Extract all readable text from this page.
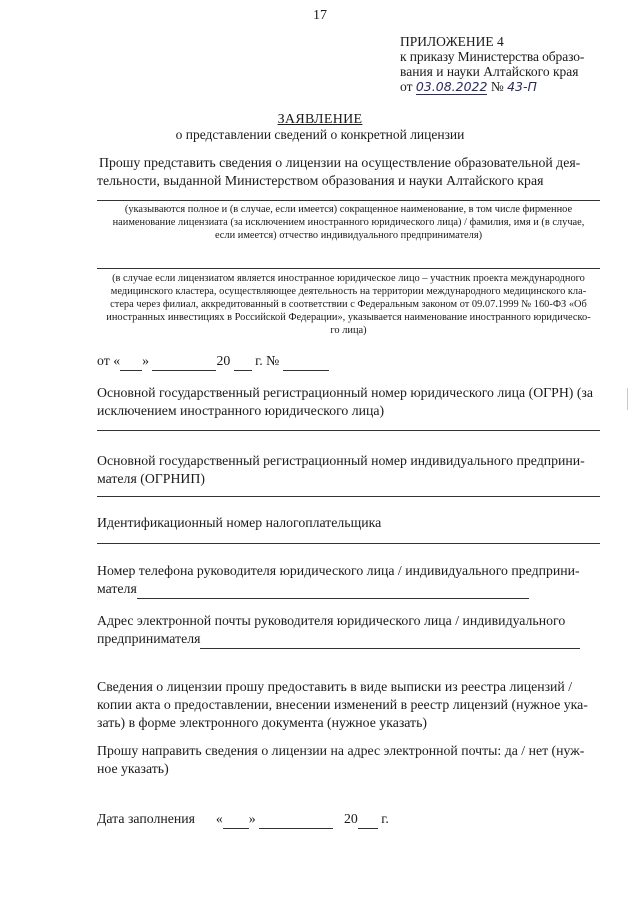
17
ПРИЛОЖЕНИЕ 4
к приказу Министерства образо-
вания и науки Алтайского края
от 03.08.2022 № 43-П
ЗАЯВЛЕНИЕ
о представлении сведений о конкретной лицензии
Прошу представить сведения о лицензии на осуществление образовательной дея-
тельности, выданной Министерством образования и науки Алтайского края
(указываются полное и (в случае, если имеется) сокращенное наименование, в том числе фирменное
наименование лицензиата (за исключением иностранного юридического лица) / фамилия, имя и (в случае,
если имеется) отчество индивидуального предпринимателя)
(в случае если лицензиатом является иностранное юридическое лицо – участник проекта международного
медицинского кластера, осуществляющее деятельность на территории международного медицинского кла-
стера через филиал, аккредитованный в соответствии с Федеральным законом от 09.07.1999 № 160-ФЗ «Об
иностранных инвестициях в Российской Федерации», указывается наименование иностранного юридическо-
го лица)
от « »	20 г. №
Основной государственный регистрационный номер юридического лица (ОГРН) (за
исключением иностранного юридического лица)
Основной государственный регистрационный номер индивидуального предприни-
мателя (ОГРНИП)
Идентификационный номер налогоплательщика
Номер телефона руководителя юридического лица / индивидуального предприни-
мателя
Адрес электронной почты руководителя юридического лица / индивидуального
предпринимателя
Сведения о лицензии прошу предоставить в виде выписки из реестра лицензий /
копии акта о предоставлении, внесении изменений в реестр лицензий (нужное ука-
зать) в форме электронного документа (нужное указать)
Прошу направить сведения о лицензии на адрес электронной почты: да / нет (нуж-
ное указать)
Дата заполнения « »	20 г.
